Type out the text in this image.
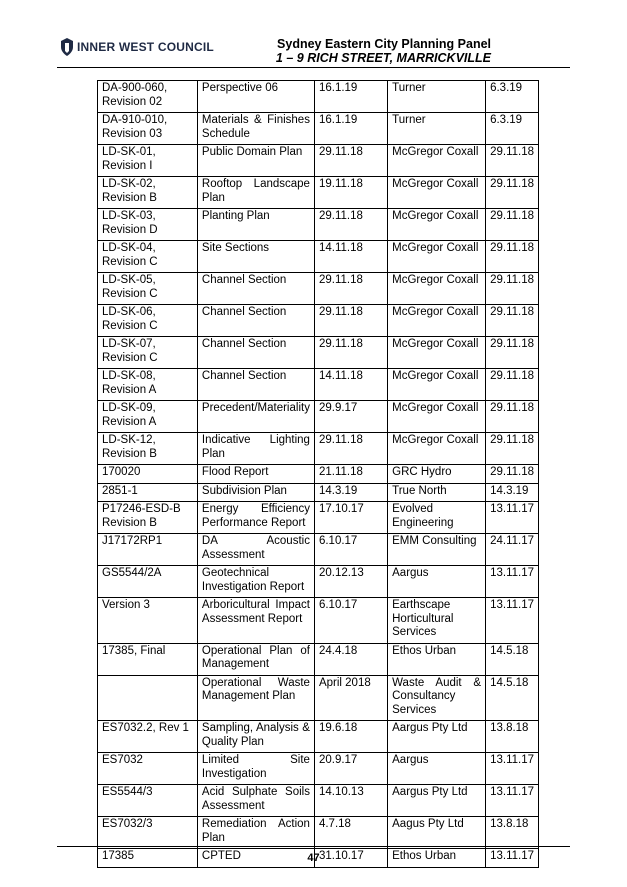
INNER WEST COUNCIL	Sydney Eastern City Planning Panel
1 – 9 RICH STREET, MARRICKVILLE
DA-900-060, Revision 02	Perspective 06	16.1.19	Turner	6.3.19
DA-910-010, Revision 03	Materials & Finishes Schedule	16.1.19	Turner	6.3.19
LD-SK-01, Revision I	Public Domain Plan	29.11.18	McGregor Coxall	29.11.18
LD-SK-02, Revision B	Rooftop Landscape Plan	19.11.18	McGregor Coxall	29.11.18
LD-SK-03, Revision D	Planting Plan	29.11.18	McGregor Coxall	29.11.18
LD-SK-04, Revision C	Site Sections	14.11.18	McGregor Coxall	29.11.18
LD-SK-05, Revision C	Channel Section	29.11.18	McGregor Coxall	29.11.18
LD-SK-06, Revision C	Channel Section	29.11.18	McGregor Coxall	29.11.18
LD-SK-07, Revision C	Channel Section	29.11.18	McGregor Coxall	29.11.18
LD-SK-08, Revision A	Channel Section	14.11.18	McGregor Coxall	29.11.18
LD-SK-09, Revision A	Precedent/Materiality	29.9.17	McGregor Coxall	29.11.18
LD-SK-12, Revision B	Indicative Lighting Plan	29.11.18	McGregor Coxall	29.11.18
170020	Flood Report	21.11.18	GRC Hydro	29.11.18
2851-1	Subdivision Plan	14.3.19	True North	14.3.19
P17246-ESD-B Revision B	Energy Efficiency Performance Report	17.10.17	Evolved Engineering	13.11.17
J17172RP1	DA Acoustic Assessment	6.10.17	EMM Consulting	24.11.17
GS5544/2A	Geotechnical Investigation Report	20.12.13	Aargus	13.11.17
Version 3	Arboricultural Impact Assessment Report	6.10.17	Earthscape Horticultural Services	13.11.17
17385, Final	Operational Plan of Management	24.4.18	Ethos Urban	14.5.18
	Operational Waste Management Plan	April 2018	Waste Audit & Consultancy Services	14.5.18
ES7032.2, Rev 1	Sampling, Analysis & Quality Plan	19.6.18	Aargus Pty Ltd	13.8.18
ES7032	Limited Site Investigation	20.9.17	Aargus	13.11.17
ES5544/3	Acid Sulphate Soils Assessment	14.10.13	Aargus Pty Ltd	13.11.17
ES7032/3	Remediation Action Plan	4.7.18	Aagus Pty Ltd	13.8.18
17385	CPTED	31.10.17	Ethos Urban	13.11.17
47
